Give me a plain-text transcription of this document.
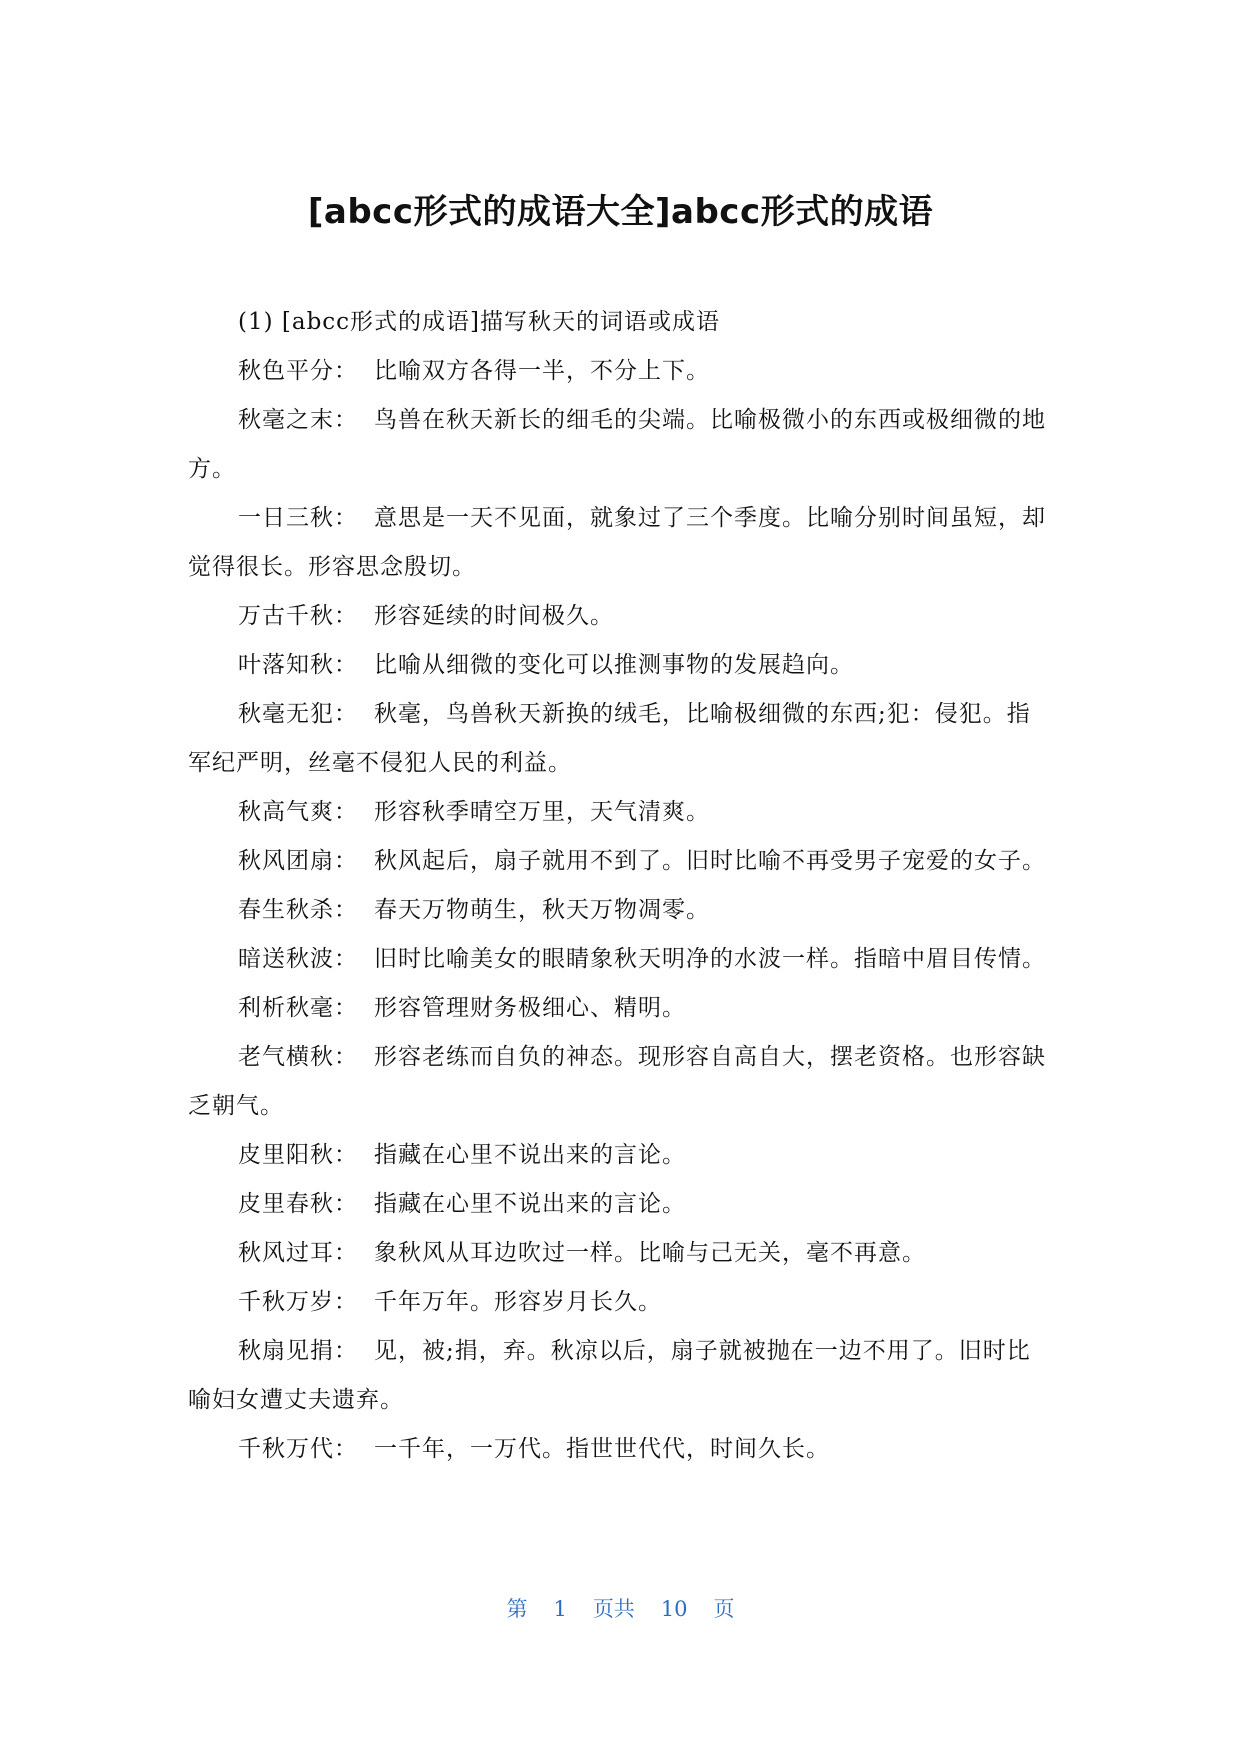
[abcc形式的成语大全]abcc形式的成语

(1) [abcc形式的成语]描写秋天的词语或成语

秋色平分： 比喻双方各得一半，不分上下。

秋毫之末： 鸟兽在秋天新长的细毛的尖端。比喻极微小的东西或极细微的地方。

一日三秋： 意思是一天不见面，就象过了三个季度。比喻分别时间虽短，却觉得很长。形容思念殷切。

万古千秋： 形容延续的时间极久。

叶落知秋： 比喻从细微的变化可以推测事物的发展趋向。

秋毫无犯： 秋毫，鸟兽秋天新换的绒毛，比喻极细微的东西;犯：侵犯。指军纪严明，丝毫不侵犯人民的利益。

秋高气爽： 形容秋季晴空万里，天气清爽。

秋风团扇： 秋风起后，扇子就用不到了。旧时比喻不再受男子宠爱的女子。

春生秋杀： 春天万物萌生，秋天万物凋零。

暗送秋波： 旧时比喻美女的眼睛象秋天明净的水波一样。指暗中眉目传情。

利析秋毫： 形容管理财务极细心、精明。

老气横秋： 形容老练而自负的神态。现形容自高自大，摆老资格。也形容缺乏朝气。

皮里阳秋： 指藏在心里不说出来的言论。

皮里春秋： 指藏在心里不说出来的言论。

秋风过耳： 象秋风从耳边吹过一样。比喻与己无关，毫不再意。

千秋万岁： 千年万年。形容岁月长久。

秋扇见捐： 见，被;捐，弃。秋凉以后，扇子就被抛在一边不用了。旧时比喻妇女遭丈夫遗弃。

千秋万代： 一千年，一万代。指世世代代，时间久长。

第 1 页共 10 页
